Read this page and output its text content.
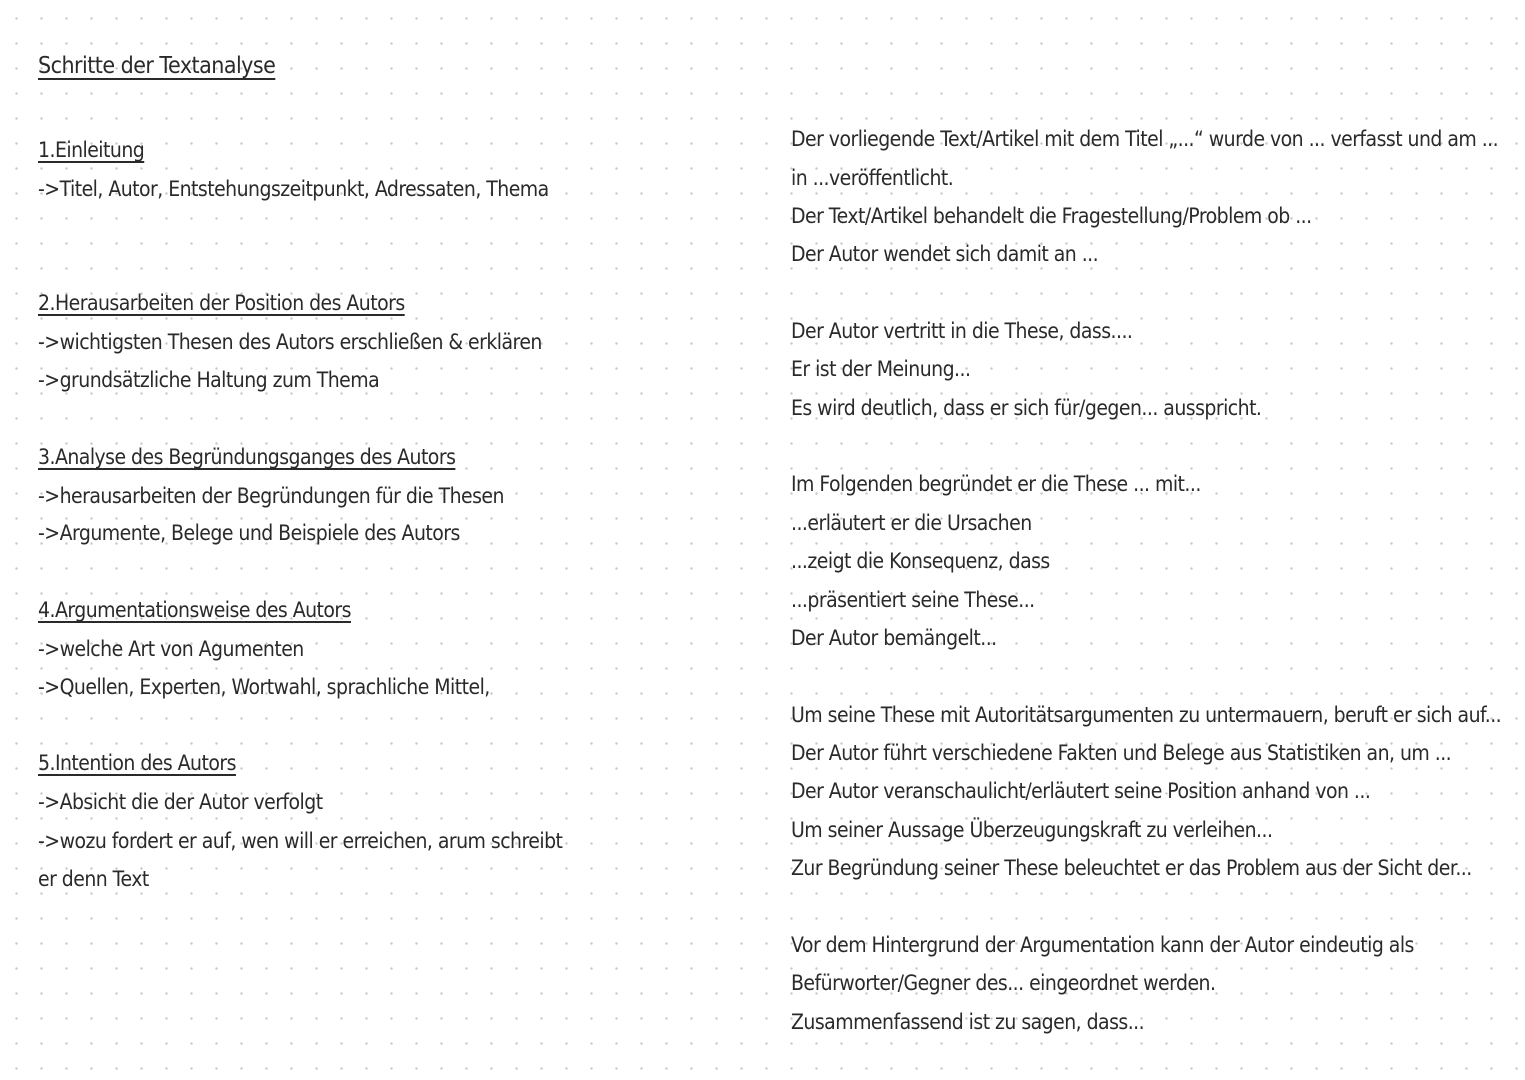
Schritte der Textanalyse
1.Einleitung
->Titel, Autor, Entstehungszeitpunkt, Adressaten, Thema
2.Herausarbeiten der Position des Autors
->wichtigsten Thesen des Autors erschließen & erklären
->grundsätzliche Haltung zum Thema
3.Analyse des Begründungsganges des Autors
->herausarbeiten der Begründungen für die Thesen
->Argumente, Belege und Beispiele des Autors
4.Argumentationsweise des Autors
->welche Art von Agumenten
->Quellen, Experten, Wortwahl, sprachliche Mittel,
5.Intention des Autors
->Absicht die der Autor verfolgt
->wozu fordert er auf, wen will er erreichen, arum schreibt
er denn Text
Der vorliegende Text/Artikel mit dem Titel „...“ wurde von ... verfasst und am ...
in ...veröffentlicht.
Der Text/Artikel behandelt die Fragestellung/Problem ob ...
Der Autor wendet sich damit an ...
Der Autor vertritt in die These, dass....
Er ist der Meinung...
Es wird deutlich, dass er sich für/gegen... ausspricht.
Im Folgenden begründet er die These ... mit...
...erläutert er die Ursachen
...zeigt die Konsequenz, dass
...präsentiert seine These...
Der Autor bemängelt...
Um seine These mit Autoritätsargumenten zu untermauern, beruft er sich auf...
Der Autor führt verschiedene Fakten und Belege aus Statistiken an, um ...
Der Autor veranschaulicht/erläutert seine Position anhand von ...
Um seiner Aussage Überzeugungskraft zu verleihen...
Zur Begründung seiner These beleuchtet er das Problem aus der Sicht der...
Vor dem Hintergrund der Argumentation kann der Autor eindeutig als
Befürworter/Gegner des... eingeordnet werden.
Zusammenfassend ist zu sagen, dass...
